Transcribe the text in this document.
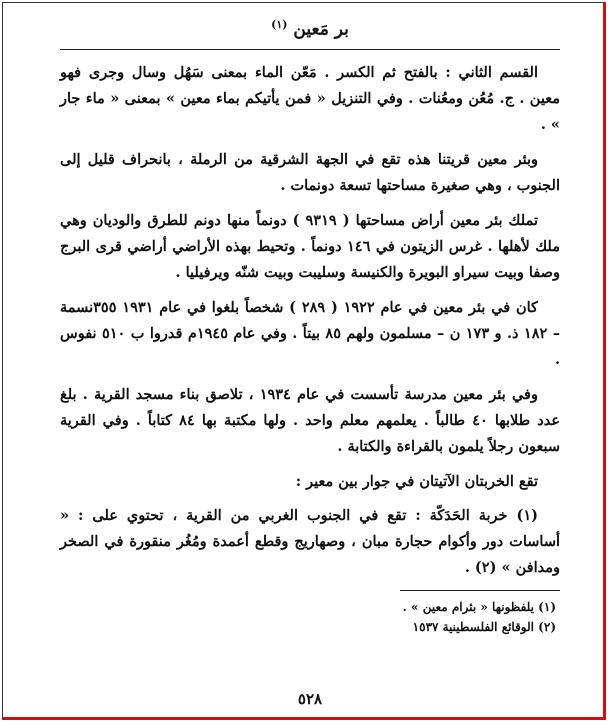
بر مَعين $^{(١)}$

القسم الثاني : بالفتح ثم الكسر . مَعّن الماء بمعنى سَهُل وسال وجرى فهو معين . ج. مُعُن ومعُنات . وفي التنزيل « فمن يأتيكم بماء معين » بمعنى « ماء جار » .

وبئر معين قريتنا هذه تقع في الجهة الشرقية من الرملة ، بانحراف قليل إلى الجنوب ، وهي صغيرة مساحتها تسعة دونمات .

تملك بئر معين أراض مساحتها ( ٩٣١٩ ) دونماً منها دونم للطرق والوديان وهي ملك لأهلها . غرس الزيتون في ١٤٦ دونماً . وتحيط بهذه الأراضي أراضي قرى البرج وصفا وبيت سيراو البويرة والكنيسة وسليبت وبيت شنّه ويرفيليا .

كان في بئر معين في عام ١٩٢٢ ( ٢٨٩ ) شخصاً بلغوا في عام ١٩٣١ ٣٥٥نسمة – ١٨٢ ذ. و ١٧٣ ن – مسلمون ولهم ٨٥ بيتاً . وفي عام ١٩٤٥م قدروا ب ٥١٠ نفوس .

وفي بئر معين مدرسة تأسست في عام ١٩٣٤ ، تلاصق بناء مسجد القرية . بلغ عدد طلابها ٤٠ طالباً . يعلمهم معلم واحد . ولها مكتبة بها ٨٤ كتاباً . وفي القرية سبعون رجلاً يلمون بالقراءة والكتابة .

تقع الخربتان الآتيتان في جوار بين معير :

(١) خربة الحَدَكّة : تقع في الجنوب الغربي من القرية ، تحتوي على : « أساسات دور وأكوام حجارة مبان ، وصهاريج وقطع أعمدة ومُغُر منقورة في الصخر ومدافن » (٢) .

(١) يلفظونها « بئرام معين » .

(٢) الوقائع الفلسطينية ١٥٣٧

٥٢٨
